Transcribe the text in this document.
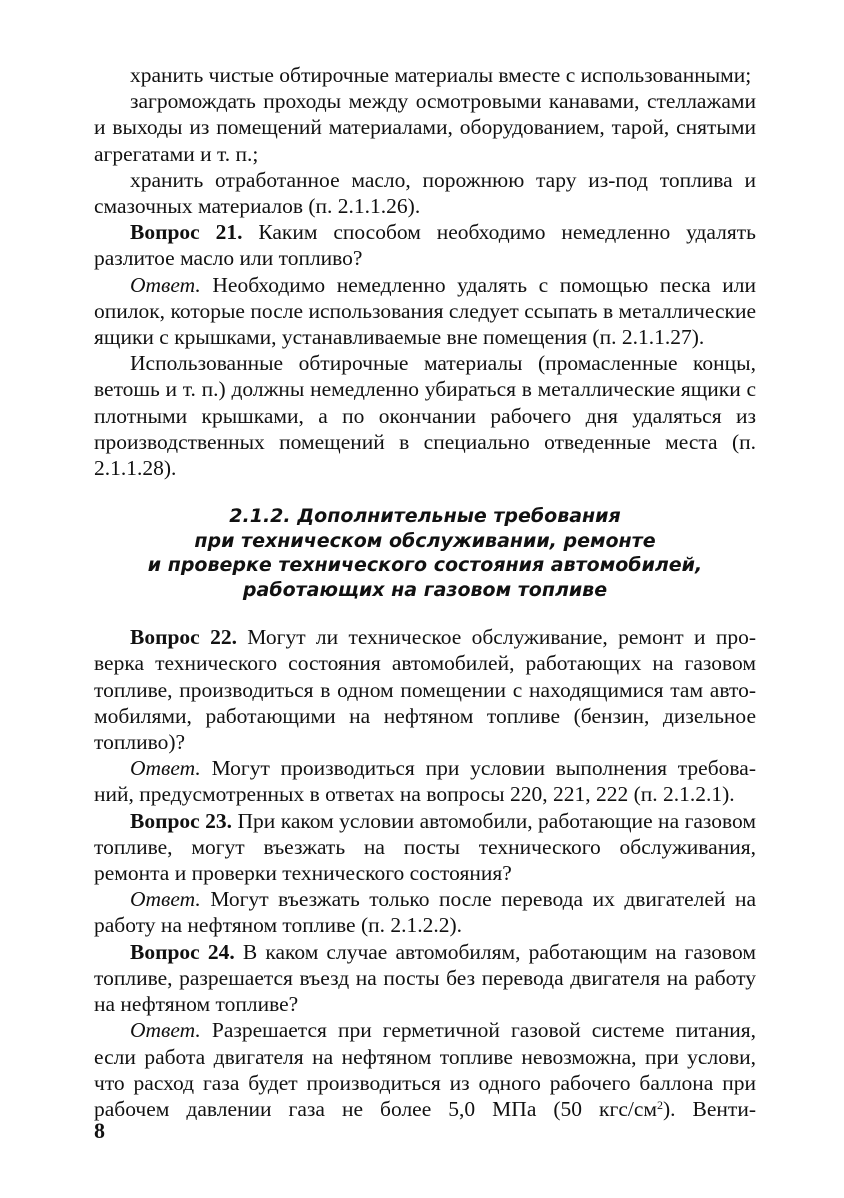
хранить чистые обтирочные материалы вместе с использованными;

загромождать проходы между осмотровыми канавами, стеллажами и выходы из помещений материалами, оборудованием, тарой, снятыми агрегатами и т. п.;

хранить отработанное масло, порожнюю тару из-под топлива и смазочных материалов (п. 2.1.1.26).

Вопрос 21. Каким способом необходимо немедленно удалять разлитое масло или топливо?

Ответ. Необходимо немедленно удалять с помощью песка или опилок, которые после использования следует ссыпать в металлические ящики с крышками, устанавливаемые вне помещения (п. 2.1.1.27).

Использованные обтирочные материалы (промасленные концы, ветошь и т. п.) должны немедленно убираться в металлические ящики с плотными крышками, а по окончании рабочего дня удаляться из производственных помещений в специально отведенные места (п. 2.1.1.28).

2.1.2. Дополнительные требования
при техническом обслуживании, ремонте
и проверке технического состояния автомобилей,
работающих на газовом топливе

Вопрос 22. Могут ли техническое обслуживание, ремонт и проверка технического состояния автомобилей, работающих на газовом топливе, производиться в одном помещении с находящимися там автомобилями, работающими на нефтяном топливе (бензин, дизельное топливо)?

Ответ. Могут производиться при условии выполнения требований, предусмотренных в ответах на вопросы 220, 221, 222 (п. 2.1.2.1).

Вопрос 23. При каком условии автомобили, работающие на газовом топливе, могут въезжать на посты технического обслуживания, ремонта и проверки технического состояния?

Ответ. Могут въезжать только после перевода их двигателей на работу на нефтяном топливе (п. 2.1.2.2).

Вопрос 24. В каком случае автомобилям, работающим на газовом топливе, разрешается въезд на посты без перевода двигателя на работу на нефтяном топливе?

Ответ. Разрешается при герметичной газовой системе питания, если работа двигателя на нефтяном топливе невозможна, при услови, что расход газа будет производиться из одного рабочего баллона при рабочем давлении газа не более 5,0 МПа (50 кгс/$см^2$). Венти-

8
